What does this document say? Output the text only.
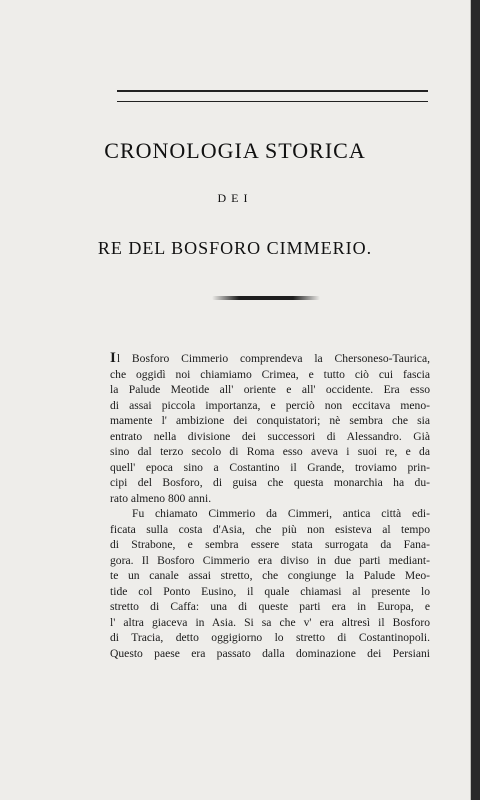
CRONOLOGIA STORICA
DEI
RE DEL BOSFORO CIMMERIO.
Il Bosforo Cimmerio comprendeva la Chersoneso-Taurica,
che oggidì noi chiamiamo Crimea, e tutto ciò cui fascia
la Palude Meotide all' oriente e all' occidente. Era esso
di assai piccola importanza, e perciò non eccitava meno-
mamente l' ambizione dei conquistatori; nè sembra che sia
entrato nella divisione dei successori di Alessandro. Già
sino dal terzo secolo di Roma esso aveva i suoi re, e da
quell' epoca sino a Costantino il Grande, troviamo prin-
cipi del Bosforo, di guisa che questa monarchia ha du-
rato almeno 800 anni.
Fu chiamato Cimmerio da Cimmeri, antica città edi-
ficata sulla costa d'Asia, che più non esisteva al tempo
di Strabone, e sembra essere stata surrogata da Fana-
gora. Il Bosforo Cimmerio era diviso in due parti mediant-
te un canale assai stretto, che congiunge la Palude Meo-
tide col Ponto Eusino, il quale chiamasi al presente lo
stretto di Caffa: una di queste parti era in Europa, e
l' altra giaceva in Asia. Si sa che v' era altresì il Bosforo
di Tracia, detto oggigiorno lo stretto di Costantinopoli.
Questo paese era passato dalla dominazione dei Persiani
